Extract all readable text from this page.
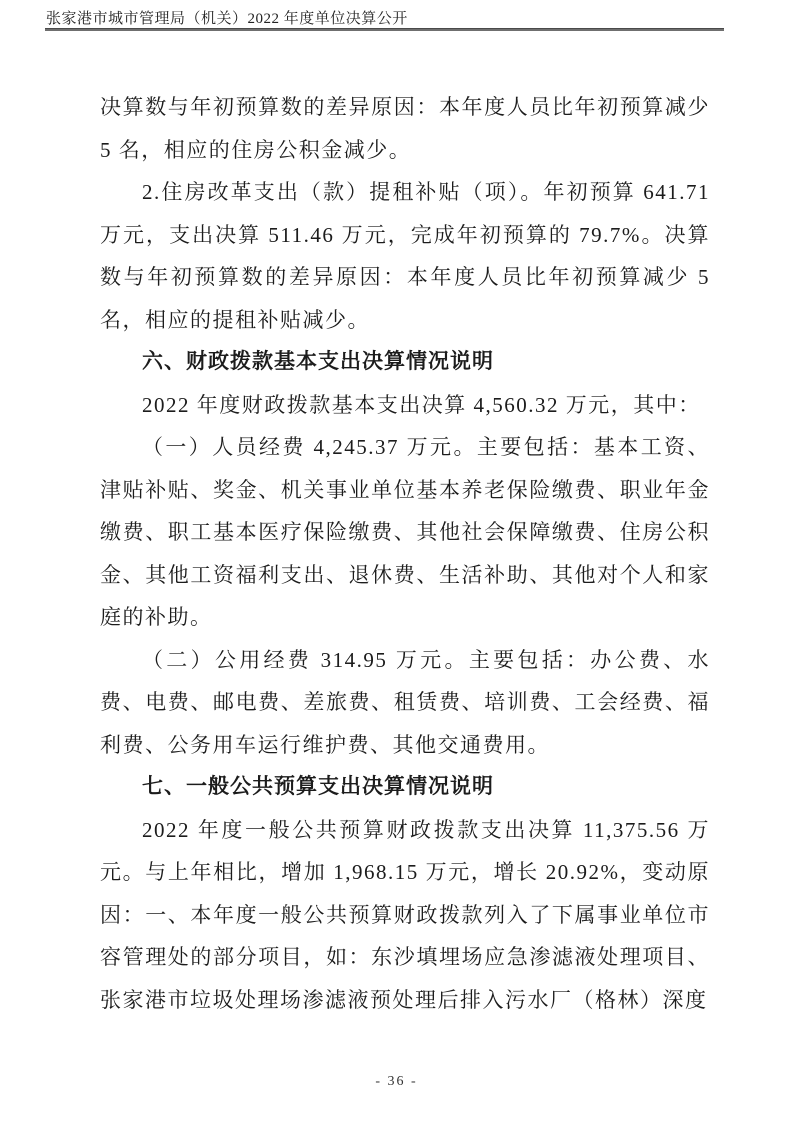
张家港市城市管理局（机关）2022 年度单位决算公开

决算数与年初预算数的差异原因：本年度人员比年初预算减少 5 名，相应的住房公积金减少。

2.住房改革支出（款）提租补贴（项）。年初预算 641.71 万元，支出决算 511.46 万元，完成年初预算的 79.7%。决算数与年初预算数的差异原因：本年度人员比年初预算减少 5 名，相应的提租补贴减少。

六、财政拨款基本支出决算情况说明

2022 年度财政拨款基本支出决算 4,560.32 万元，其中：

（一）人员经费 4,245.37 万元。主要包括：基本工资、津贴补贴、奖金、机关事业单位基本养老保险缴费、职业年金缴费、职工基本医疗保险缴费、其他社会保障缴费、住房公积金、其他工资福利支出、退休费、生活补助、其他对个人和家庭的补助。

（二）公用经费 314.95 万元。主要包括：办公费、水费、电费、邮电费、差旅费、租赁费、培训费、工会经费、福利费、公务用车运行维护费、其他交通费用。

七、一般公共预算支出决算情况说明

2022 年度一般公共预算财政拨款支出决算 11,375.56 万元。与上年相比，增加 1,968.15 万元，增长 20.92%，变动原因：一、本年度一般公共预算财政拨款列入了下属事业单位市容管理处的部分项目，如：东沙填埋场应急渗滤液处理项目、张家港市垃圾处理场渗滤液预处理后排入污水厂（格林）深度

- 36 -
